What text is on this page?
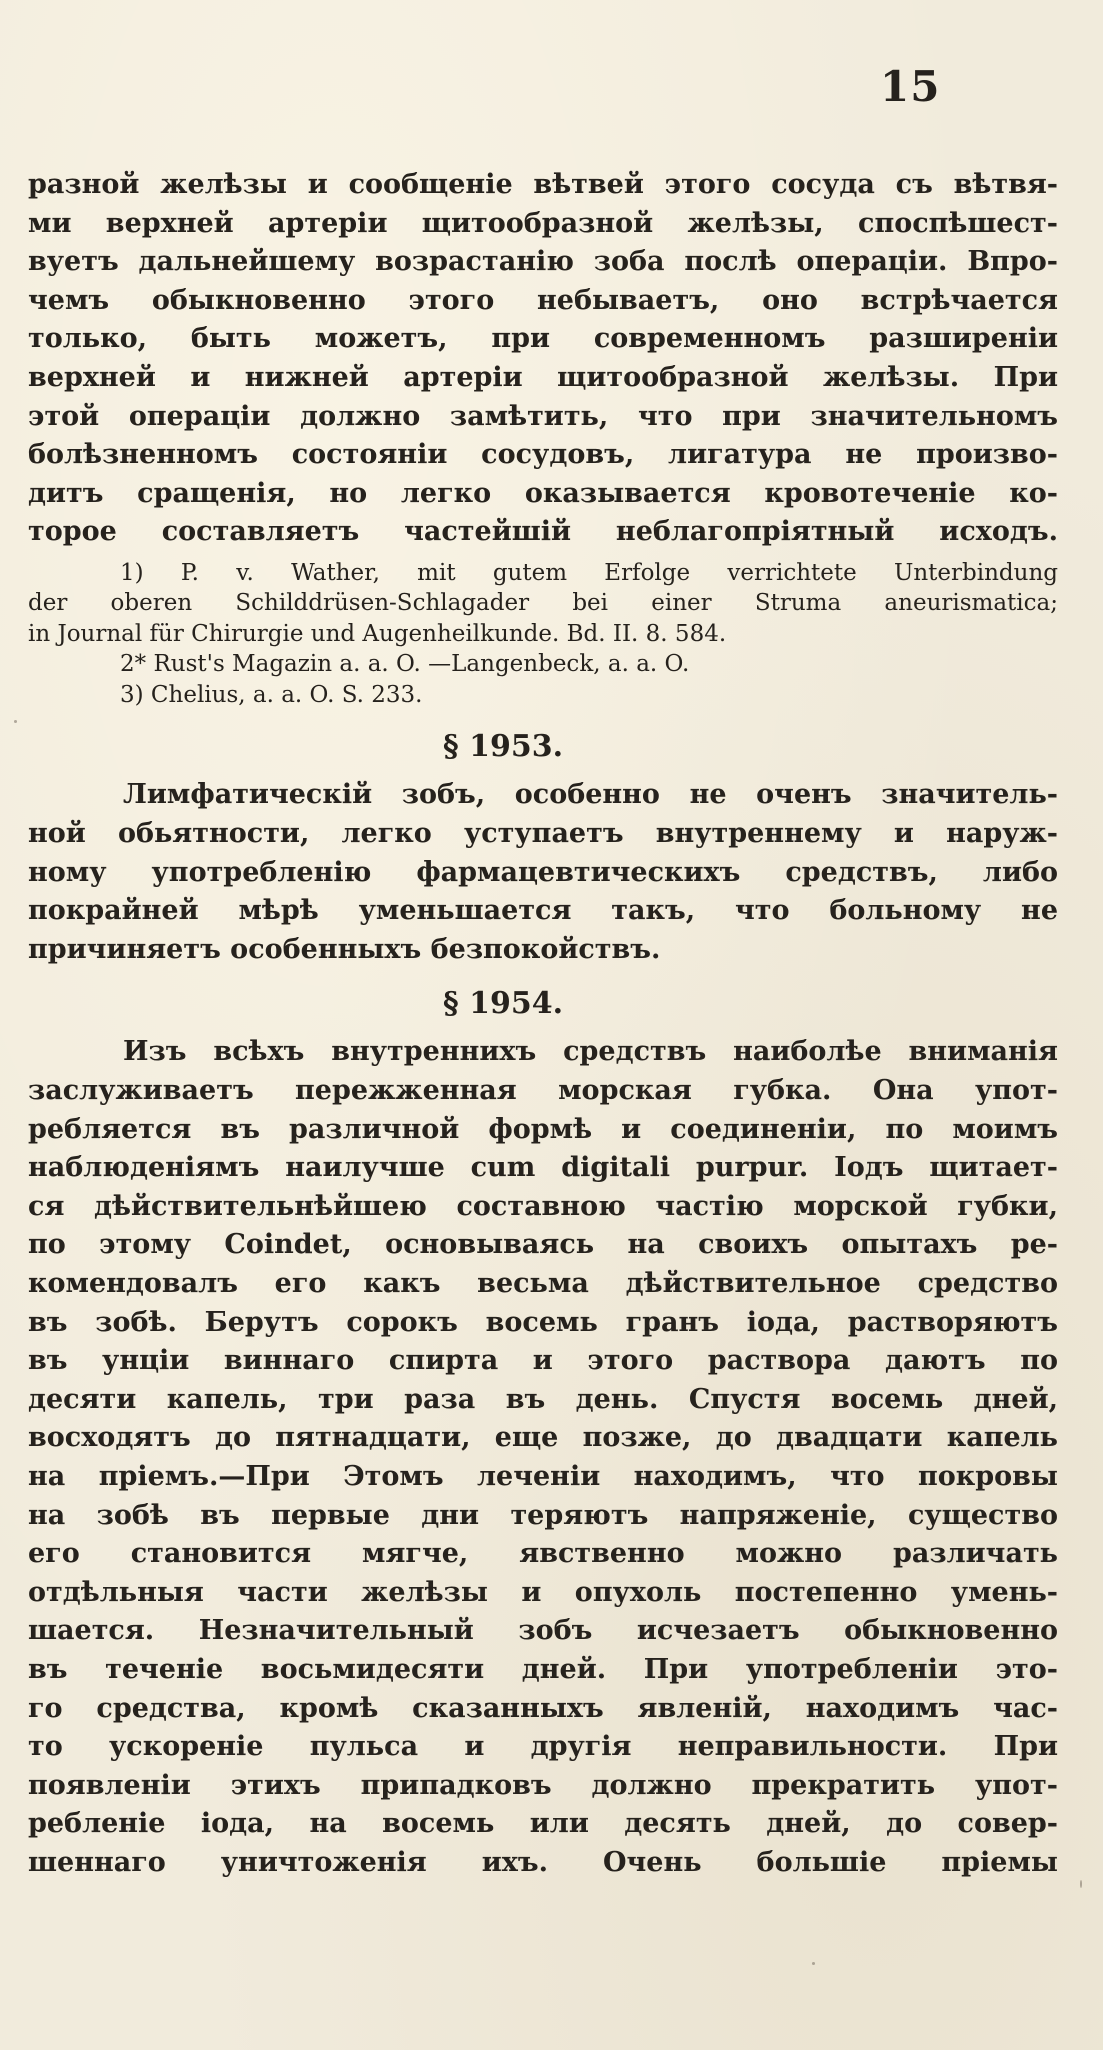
15
разной желѣзы и сообщенiе вѣтвей этого сосуда съ вѣтвя-
ми верхней артерiи щитообразной желѣзы, споспѣшест-
вуетъ дальнейшему возрастанiю зоба послѣ операцiи. Впро-
чемъ обыкновенно этого небываетъ, оно встрѣчается
только, быть можетъ, при современномъ разширенiи
верхней и нижней артерiи щитообразной желѣзы. При
этой операцiи должно замѣтить, что при значительномъ
болѣзненномъ состоянiи сосудовъ, лигатура не произво-
дитъ сращенiя, но легко оказывается кровотеченiе ко-
торое составляетъ частейшiй неблагопрiятный исходъ.
1) P. v. Wather, mit gutem Erfolge verrichtete Unterbindung
der oberen Schilddrüsen-Schlagader bei einer Struma aneurismatica;
in Journal für Chirurgie und Augenheilkunde. Bd. II. 8. 584.
2* Rust's Magazin a. a. O. —Langenbeck, a. a. O.
3) Chelius, a. a. O. S. 233.
§ 1953.
Лимфатическiй зобъ, особенно не оченъ значитель-
ной обьятности, легко уступаетъ внутреннему и наруж-
ному употребленiю фармацевтическихъ средствъ, либо
покрайней мѣрѣ уменьшается такъ, что больному не
причиняетъ особенныхъ безпокойствъ.
§ 1954.
Изъ всѣхъ внутреннихъ средствъ наиболѣе вниманiя
заслуживаетъ пережженная морская губка. Она упот-
ребляется въ различной формѣ и соединенiи, по моимъ
наблюденiямъ наилучше cum digitali purpur. Iодъ щитает-
ся дѣйствительнѣйшею составною частiю морской губки,
по этому Coindet, основываясь на своихъ опытахъ ре-
комендовалъ его какъ весьма дѣйствительное средство
въ зобѣ. Берутъ сорокъ восемь гранъ iода, растворяютъ
въ унцiи виннаго спирта и этого раствора даютъ по
десяти капель, три раза въ день. Спустя восемь дней,
восходятъ до пятнадцати, еще позже, до двадцати капель
на прiемъ.—При Этомъ леченiи находимъ, что покровы
на зобѣ въ первые дни теряютъ напряженiе, существо
его становится мягче, явственно можно различать
отдѣльныя части желѣзы и опухоль постепенно умень-
шается. Незначительный зобъ исчезаетъ обыкновенно
въ теченiе восьмидесяти дней. При употребленiи это-
го средства, кромѣ сказанныхъ явленiй, находимъ час-
то ускоренiе пульса и другiя неправильности. При
появленiи этихъ припадковъ должно прекратить упот-
ребленiе iода, на восемь или десять дней, до совер-
шеннаго уничтоженiя ихъ. Очень большiе прiемы
